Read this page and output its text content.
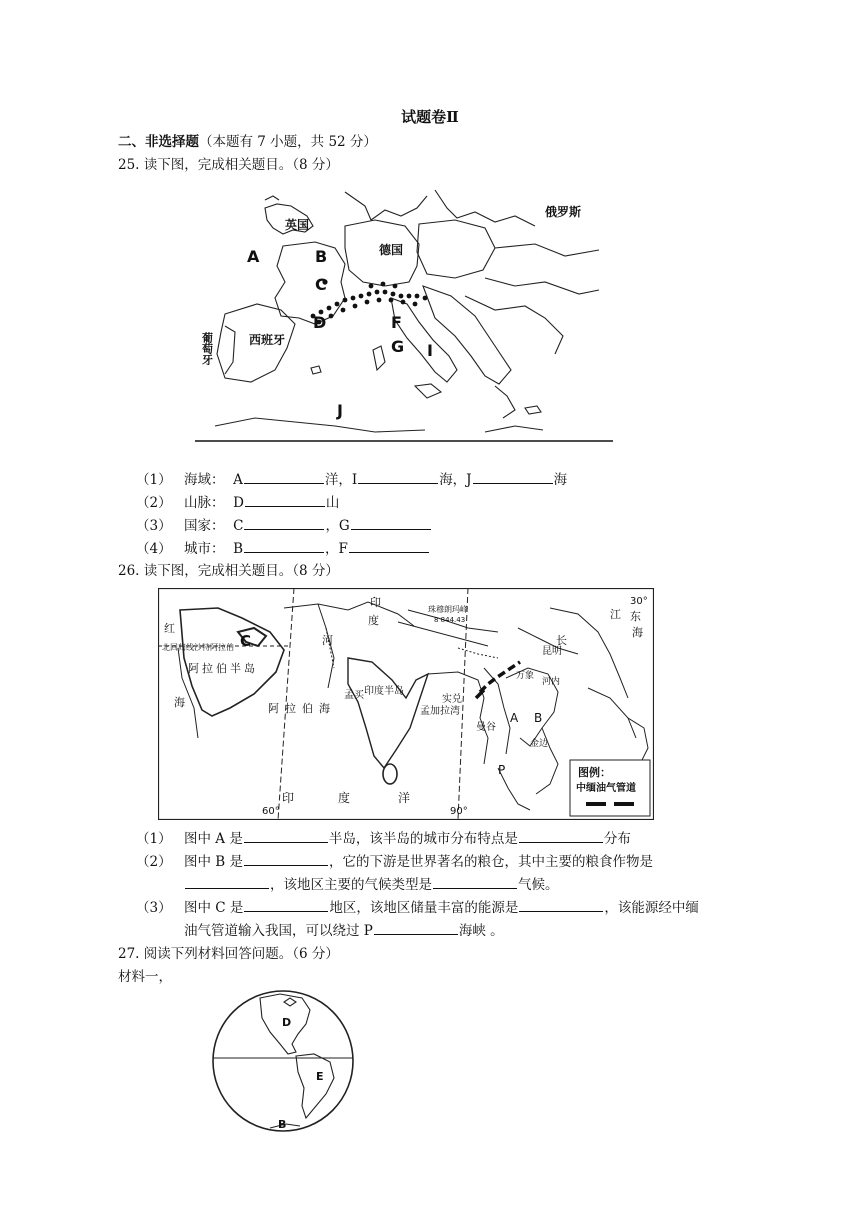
试题卷Ⅱ
二、非选择题（本题有 7 小题，共 52 分）
25. 读下图，完成相关题目。（8 分）
英国
德国
俄罗斯
西班牙
葡萄牙
A	B
C
D	F
G I
J
（1） 海域： A	洋，I	海，J	海
（2） 山脉： D	山
（3） 国家： C	，G
（4） 城市： B	，F
26. 读下图，完成相关题目。（8 分）
图例：
中缅油气管道
红
海
印
度
河	长
江 东
海
30°
北回归线 沙特阿拉伯
阿拉伯半岛
阿拉伯海
孟买 印度半岛
孟加拉湾
实兑
昆明
曼谷
万象
河内
金边
珠穆朗玛峰
8 844.43
C
A B
P
60°	90°
印	度	洋
（1） 图中 A 是	半岛，该半岛的城市分布特点是	分布
（2） 图中 B 是	，它的下游是世界著名的粮仓，其中主要的粮食作物是
，该地区主要的气候类型是	气候。
（3） 图中 C 是	地区，该地区储量丰富的能源是	，该能源经中缅
油气管道输入我国，可以绕过 P	海峡 。
27. 阅读下列材料回答问题。（6 分）
材料一，
D
E
B
